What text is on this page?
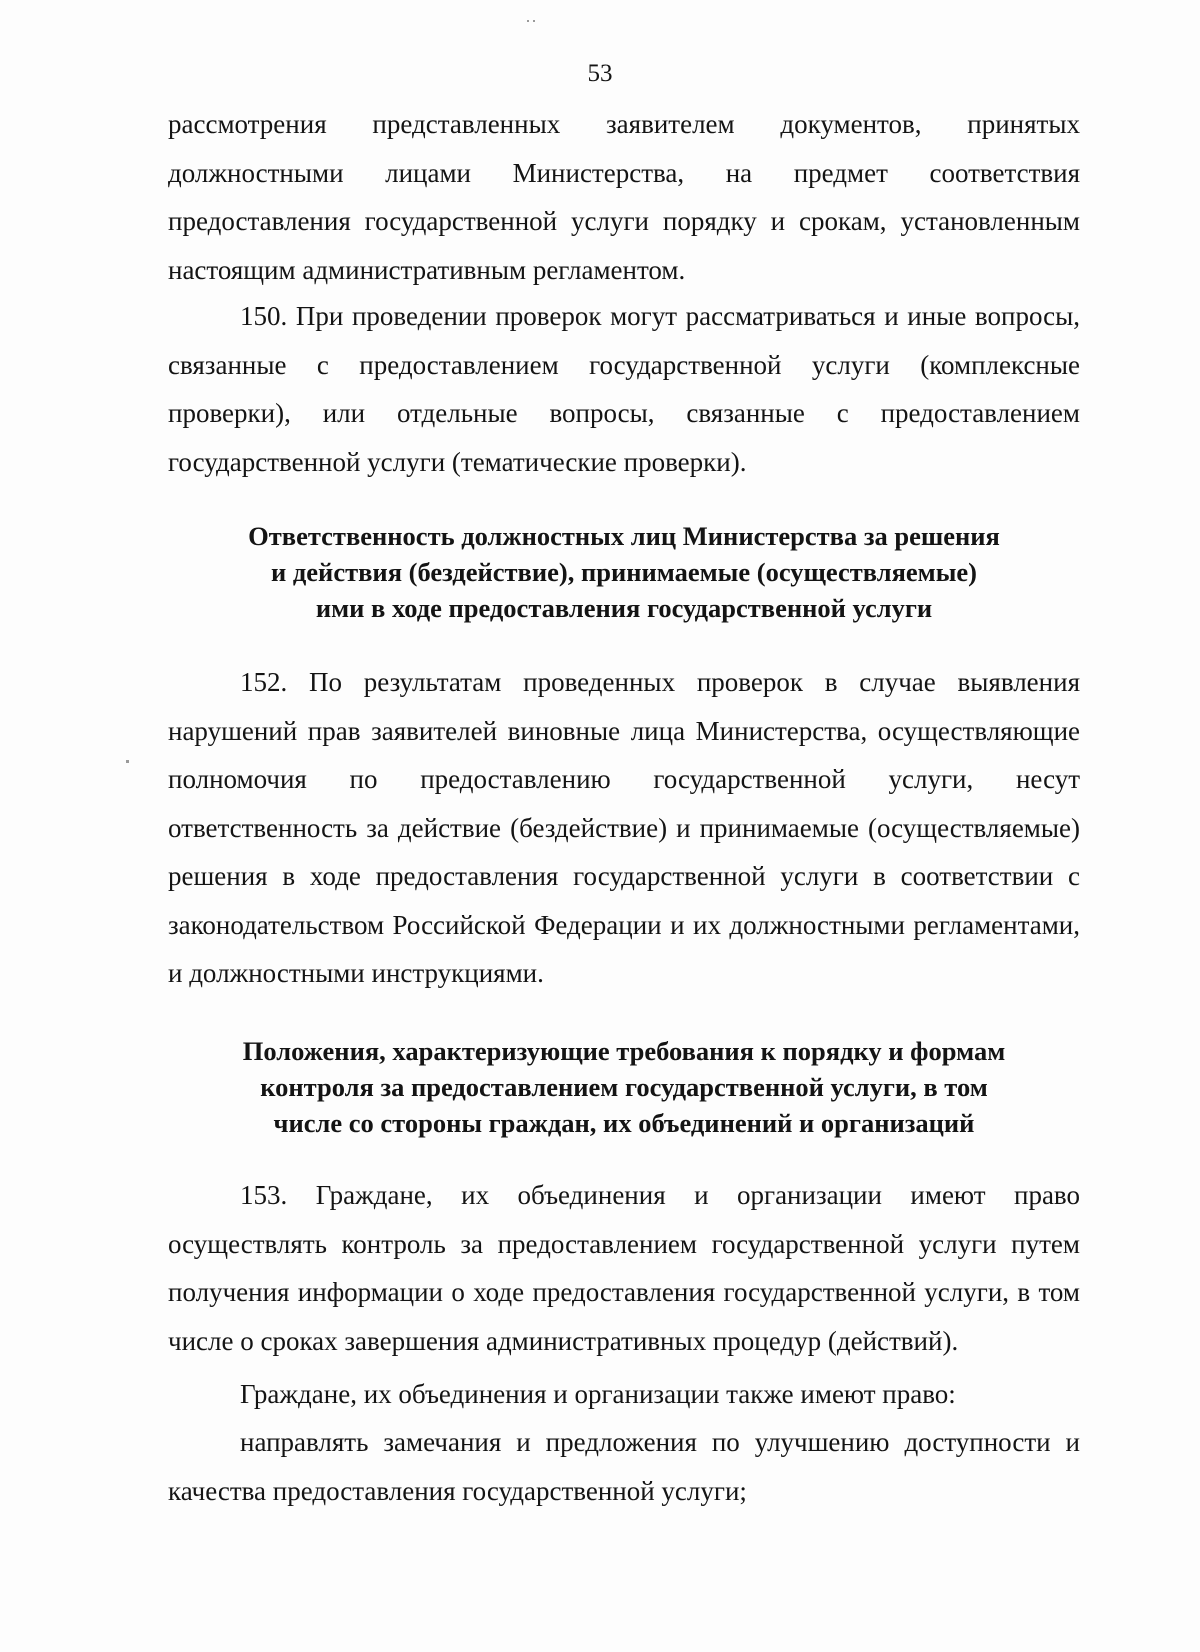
53

рассмотрения представленных заявителем документов, принятых должностными лицами Министерства, на предмет соответствия предоставления государственной услуги порядку и срокам, установленным настоящим административным регламентом.

150. При проведении проверок могут рассматриваться и иные вопросы, связанные с предоставлением государственной услуги (комплексные проверки), или отдельные вопросы, связанные с предоставлением государственной услуги (тематические проверки).

Ответственность должностных лиц Министерства за решения
и действия (бездействие), принимаемые (осуществляемые)
ими в ходе предоставления государственной услуги

152. По результатам проведенных проверок в случае выявления нарушений прав заявителей виновные лица Министерства, осуществляющие полномочия по предоставлению государственной услуги, несут ответственность за действие (бездействие) и принимаемые (осуществляемые) решения в ходе предоставления государственной услуги в соответствии с законодательством Российской Федерации и их должностными регламентами, и должностными инструкциями.

Положения, характеризующие требования к порядку и формам
контроля за предоставлением государственной услуги, в том
числе со стороны граждан, их объединений и организаций

153. Граждане, их объединения и организации имеют право осуществлять контроль за предоставлением государственной услуги путем получения информации о ходе предоставления государственной услуги, в том числе о сроках завершения административных процедур (действий).

Граждане, их объединения и организации также имеют право:

направлять замечания и предложения по улучшению доступности и качества предоставления государственной услуги;
